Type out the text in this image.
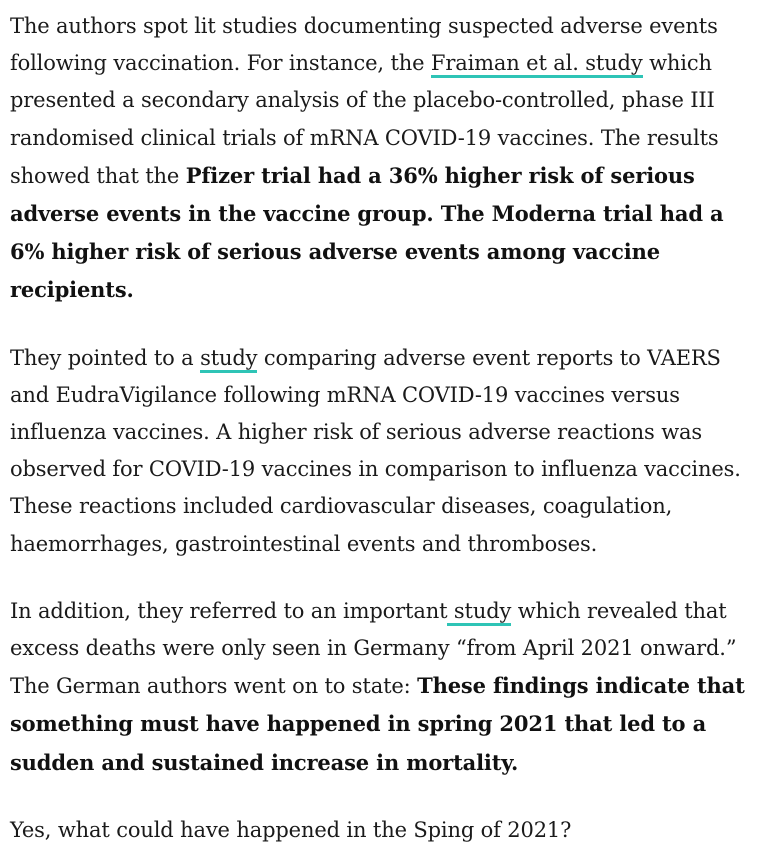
The authors spot lit studies documenting suspected adverse events following vaccination. For instance, the Fraiman et al. study which presented a secondary analysis of the placebo-controlled, phase III randomised clinical trials of mRNA COVID-19 vaccines. The results showed that the Pfizer trial had a 36% higher risk of serious adverse events in the vaccine group. The Moderna trial had a 6% higher risk of serious adverse events among vaccine recipients.

They pointed to a study comparing adverse event reports to VAERS and EudraVigilance following mRNA COVID-19 vaccines versus influenza vaccines. A higher risk of serious adverse reactions was observed for COVID-19 vaccines in comparison to influenza vaccines. These reactions included cardiovascular diseases, coagulation, haemorrhages, gastrointestinal events and thromboses.

In addition, they referred to an important study which revealed that excess deaths were only seen in Germany “from April 2021 onward.” The German authors went on to state: These findings indicate that something must have happened in spring 2021 that led to a sudden and sustained increase in mortality.

Yes, what could have happened in the Sping of 2021?
